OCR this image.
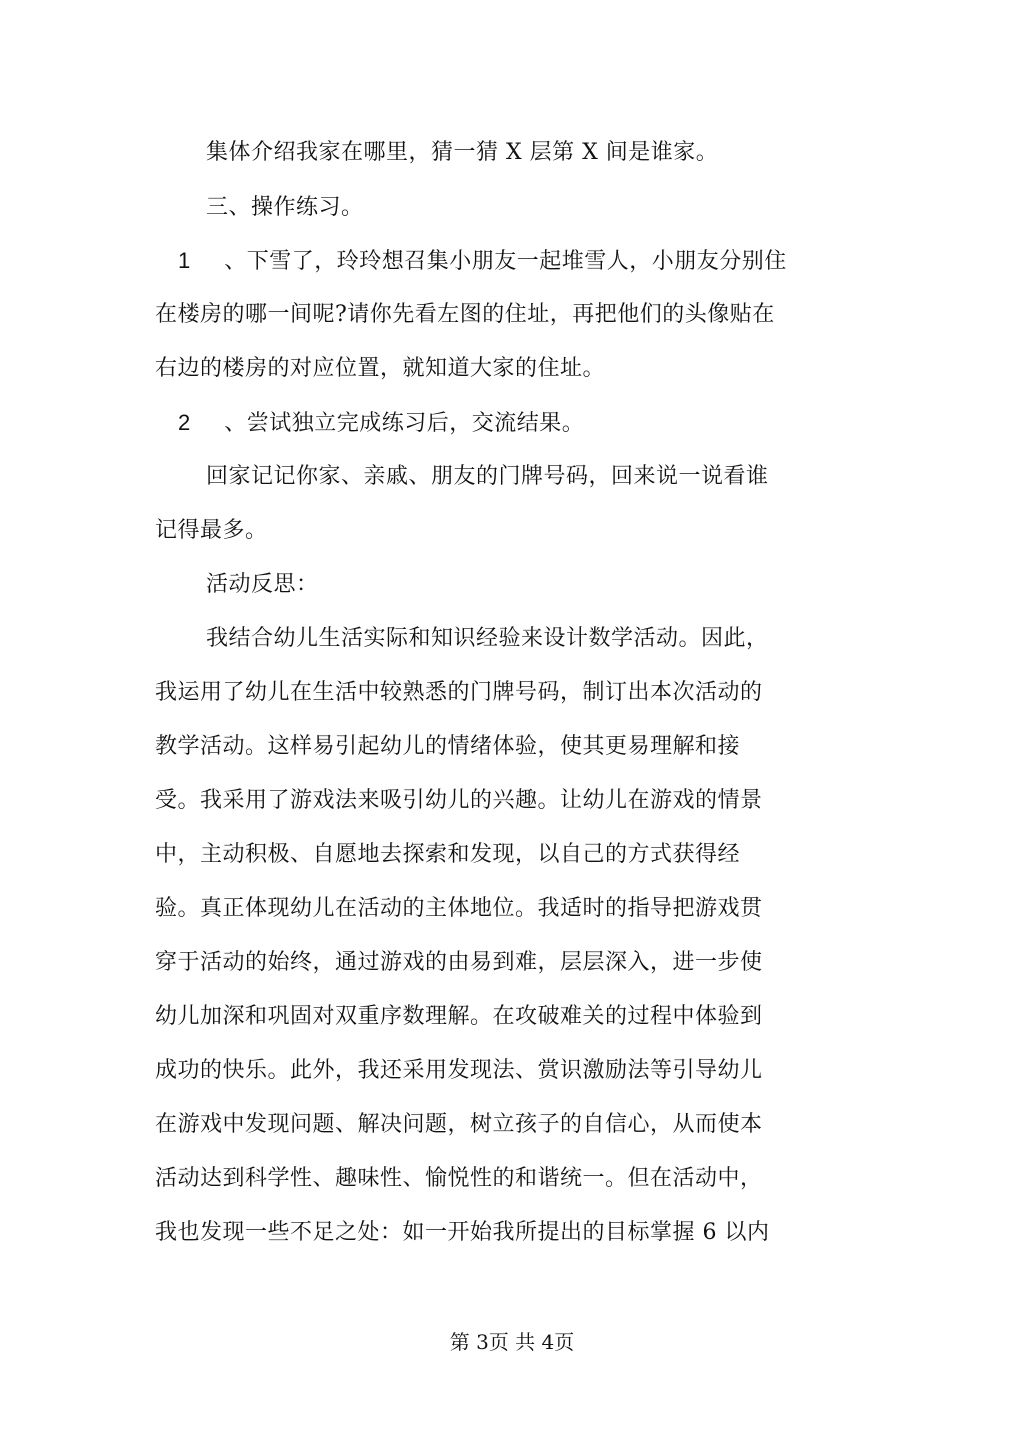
集体介绍我家在哪里，猜一猜 X 层第 X 间是谁家。
三、操作练习。
1 、下雪了，玲玲想召集小朋友一起堆雪人，小朋友分别住
在楼房的哪一间呢?请你先看左图的住址，再把他们的头像贴在
右边的楼房的对应位置，就知道大家的住址。
2 、尝试独立完成练习后，交流结果。
回家记记你家、亲戚、朋友的门牌号码，回来说一说看谁
记得最多。
活动反思：
我结合幼儿生活实际和知识经验来设计数学活动。因此，
我运用了幼儿在生活中较熟悉的门牌号码，制订出本次活动的
教学活动。这样易引起幼儿的情绪体验，使其更易理解和接
受。我采用了游戏法来吸引幼儿的兴趣。让幼儿在游戏的情景
中，主动积极、自愿地去探索和发现，以自己的方式获得经
验。真正体现幼儿在活动的主体地位。我适时的指导把游戏贯
穿于活动的始终，通过游戏的由易到难，层层深入，进一步使
幼儿加深和巩固对双重序数理解。在攻破难关的过程中体验到
成功的快乐。此外，我还采用发现法、赏识激励法等引导幼儿
在游戏中发现问题、解决问题，树立孩子的自信心，从而使本
活动达到科学性、趣味性、愉悦性的和谐统一。但在活动中，
我也发现一些不足之处：如一开始我所提出的目标掌握 6 以内
第 3页 共 4页
